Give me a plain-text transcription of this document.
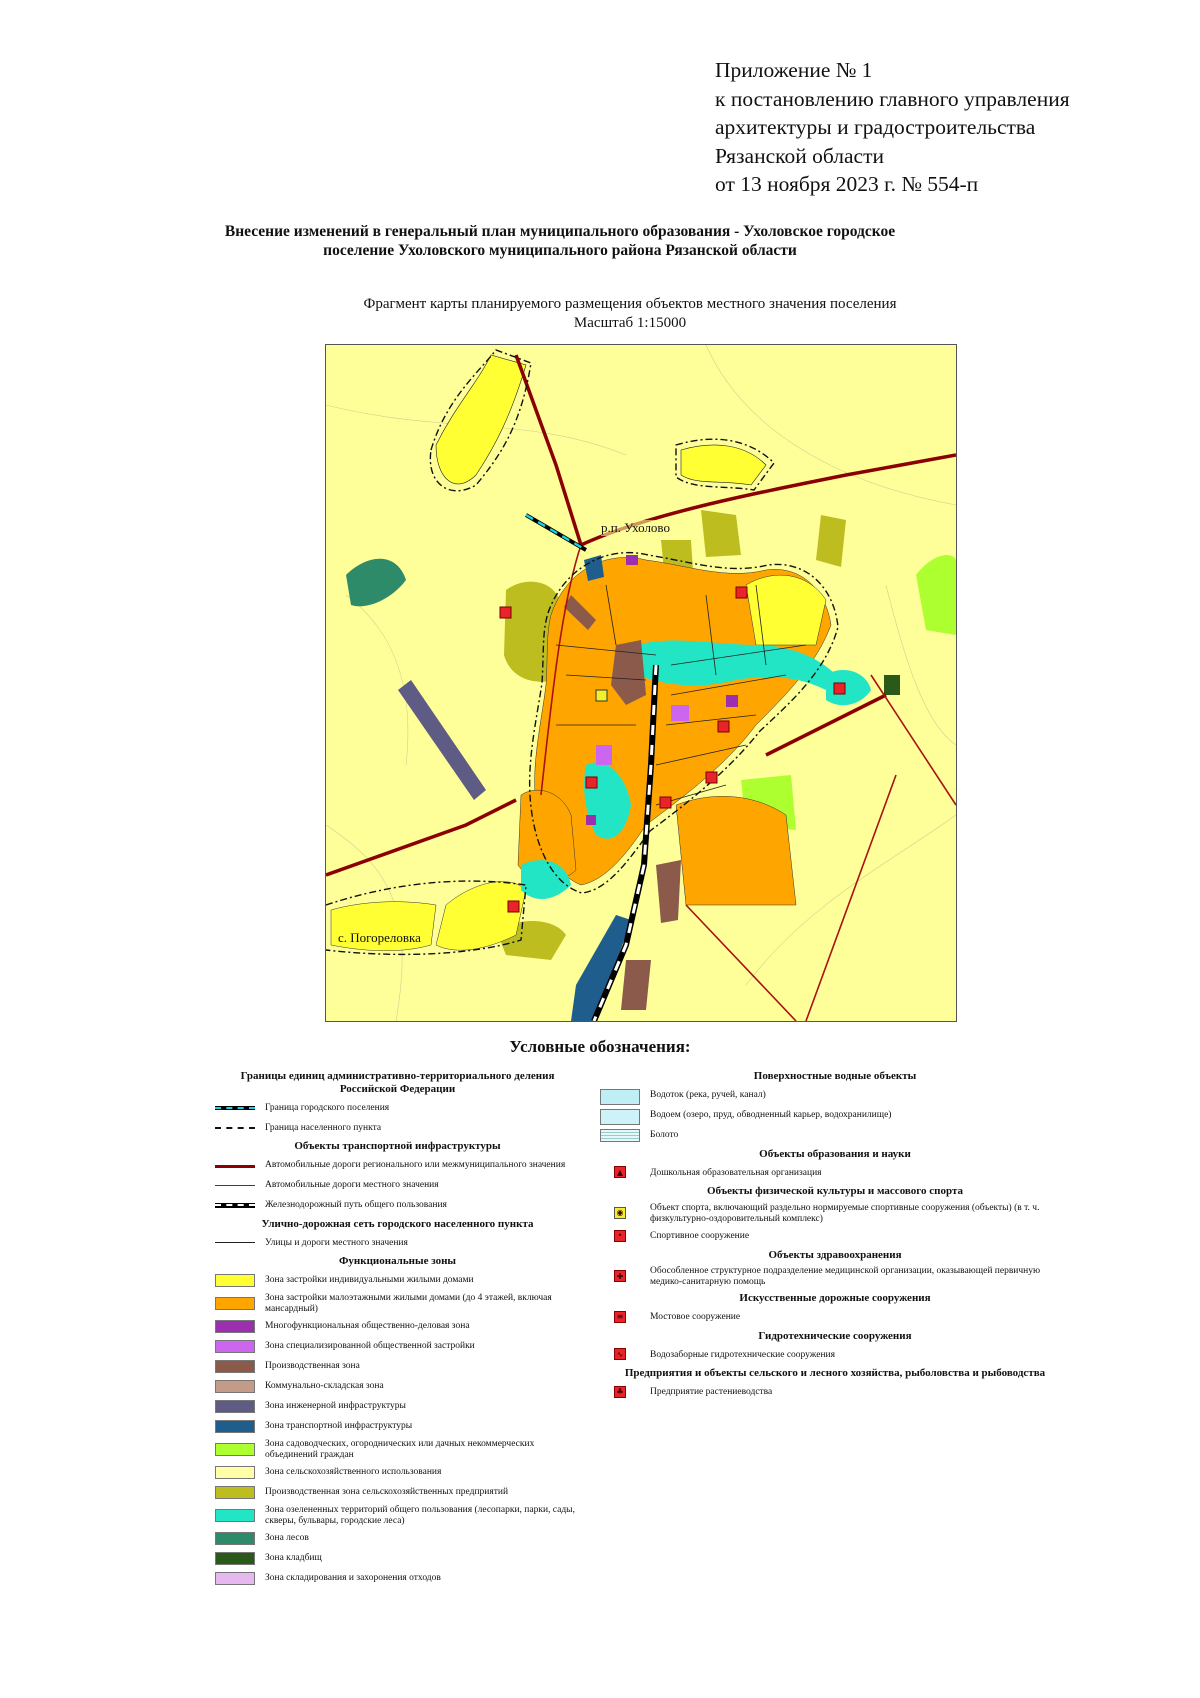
Приложение № 1
к постановлению главного управления
архитектуры и градостроительства
Рязанской области
от 13 ноября 2023 г. № 554-п
Внесение изменений в генеральный план муниципального образования - Ухоловское городское
поселение Ухоловского муниципального района Рязанской области
Фрагмент карты планируемого размещения объектов местного значения поселения
Масштаб 1:15000
р.п. Ухолово
с. Погореловка
Условные обозначения:
Границы единиц административно-территориального деления Российской Федерации
Граница городского поселения
Граница населенного пункта
Объекты транспортной инфраструктуры
Автомобильные дороги регионального или межмуниципального значения
Автомобильные дороги местного значения
Железнодорожный путь общего пользования
Улично-дорожная сеть городского населенного пункта
Улицы и дороги местного значения
Функциональные зоны
Зона застройки индивидуальными жилыми домами
Зона застройки малоэтажными жилыми домами (до 4 этажей, включая мансардный)
Многофункциональная общественно-деловая зона
Зона специализированной общественной застройки
Производственная зона
Коммунально-складская зона
Зона инженерной инфраструктуры
Зона транспортной инфраструктуры
Зона садоводческих, огороднических или дачных некоммерческих объединений граждан
Зона сельскохозяйственного использования
Производственная зона сельскохозяйственных предприятий
Зона озелененных территорий общего пользования (лесопарки, парки, сады, скверы, бульвары, городские леса)
Зона лесов
Зона кладбищ
Зона складирования и захоронения отходов
Поверхностные водные объекты
Водоток (река, ручей, канал)
Водоем (озеро, пруд, обводненный карьер, водохранилище)
Болото
Объекты образования и науки
▲	Дошкольная образовательная организация
Объекты физической культуры и массового спорта
◉	Объект спорта, включающий раздельно нормируемые спортивные сооружения (объекты) (в т. ч. физкультурно-оздоровительный комплекс)
•	Спортивное сооружение
Объекты здравоохранения
✚	Обособленное структурное подразделение медицинской организации, оказывающей первичную медико-санитарную помощь
Искусственные дорожные сооружения
≡	Мостовое сооружение
Гидротехнические сооружения
∿	Водозаборные гидротехнические сооружения
Предприятия и объекты сельского и лесного хозяйства, рыболовства и рыбоводства
♣	Предприятие растениеводства
